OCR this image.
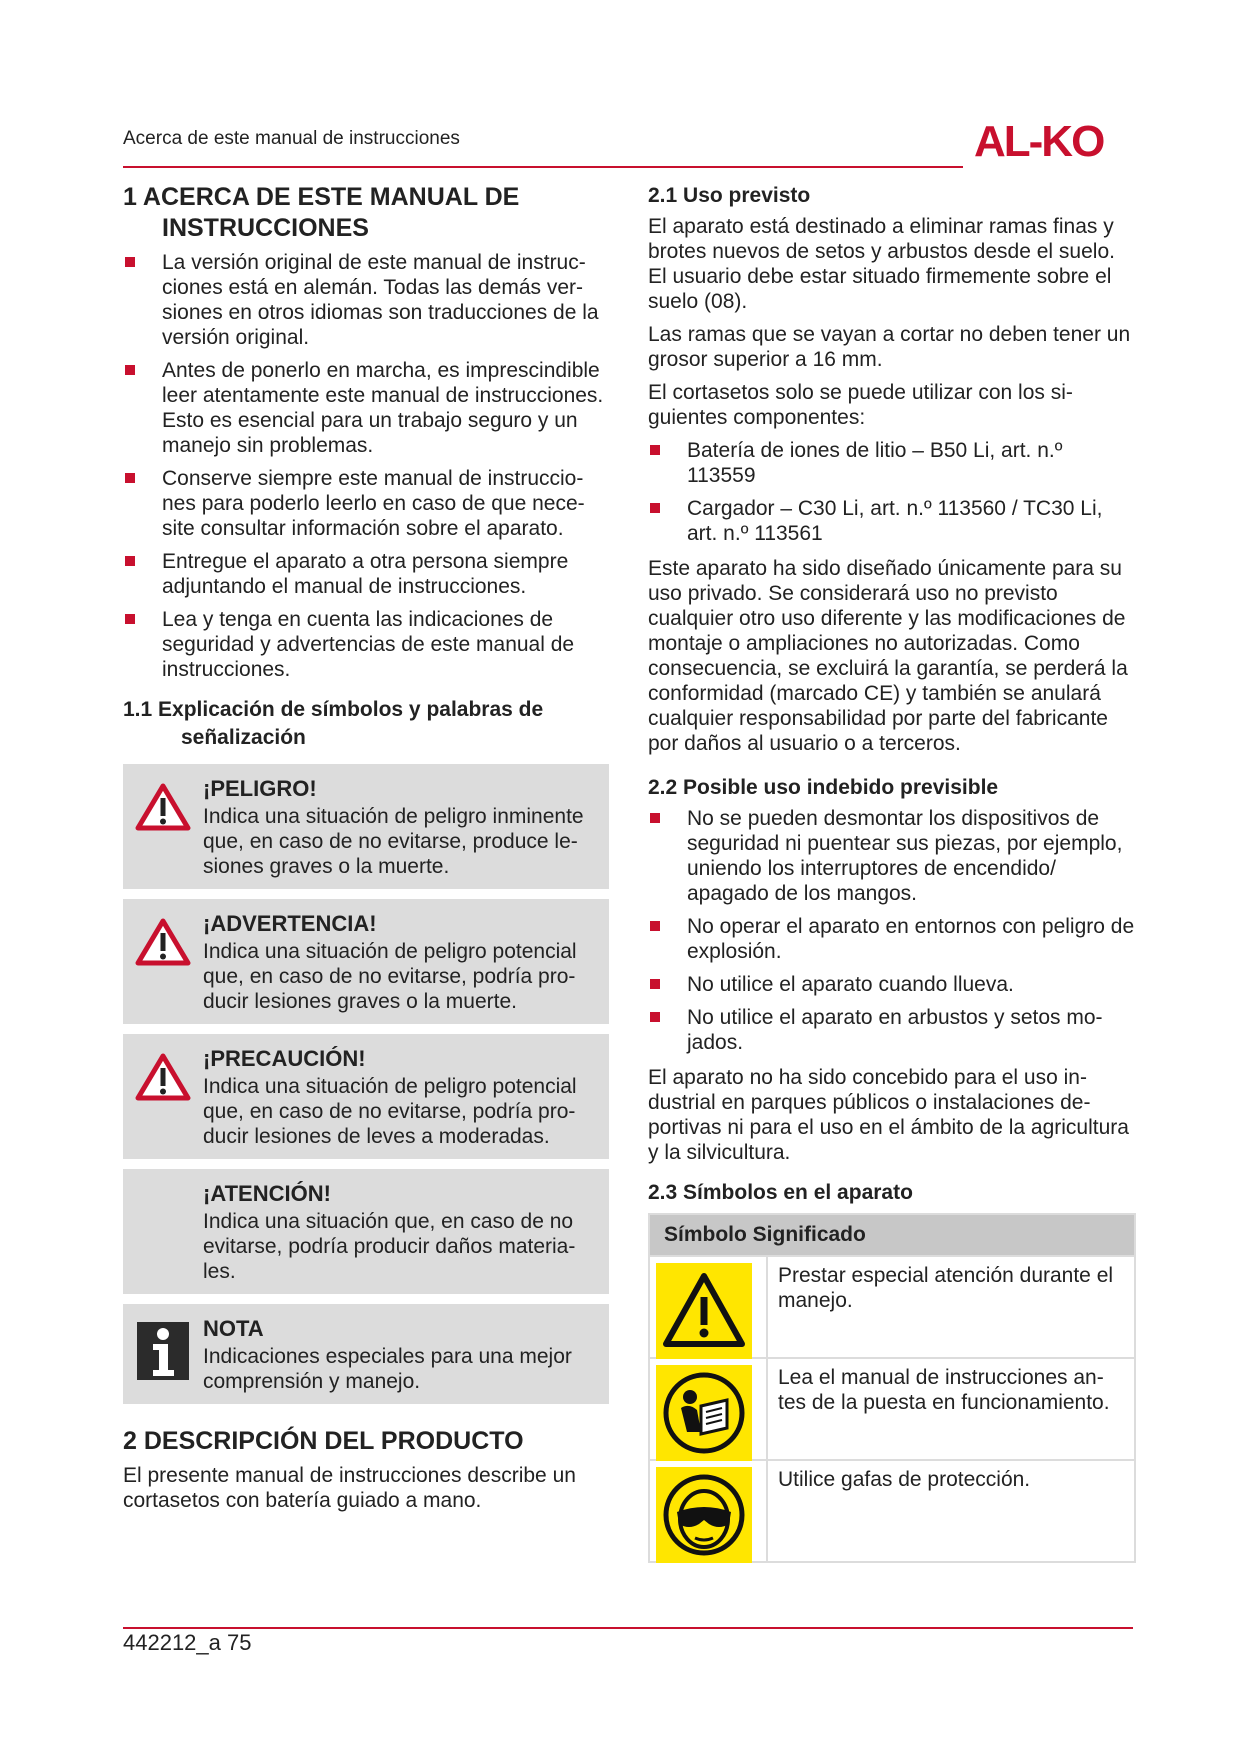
Acerca de este manual de instrucciones	AL-KO
1 ACERCA DE ESTE MANUAL DE INSTRUCCIONES
La versión original de este manual de instrucciones está en alemán. Todas las demás versiones en otros idiomas son traducciones de la versión original.
Antes de ponerlo en marcha, es imprescindible leer atentamente este manual de instrucciones. Esto es esencial para un trabajo seguro y un manejo sin problemas.
Conserve siempre este manual de instrucciones para poderlo leerlo en caso de que necesite consultar información sobre el aparato.
Entregue el aparato a otra persona siempre adjuntando el manual de instrucciones.
Lea y tenga en cuenta las indicaciones de seguridad y advertencias de este manual de instrucciones.
1.1 Explicación de símbolos y palabras de señalización
¡PELIGRO!
Indica una situación de peligro inminente que, en caso de no evitarse, produce lesiones graves o la muerte.
¡ADVERTENCIA!
Indica una situación de peligro potencial que, en caso de no evitarse, podría producir lesiones graves o la muerte.
¡PRECAUCIÓN!
Indica una situación de peligro potencial que, en caso de no evitarse, podría producir lesiones de leves a moderadas.
¡ATENCIÓN!
Indica una situación que, en caso de no evitarse, podría producir daños materiales.
NOTA
Indicaciones especiales para una mejor comprensión y manejo.
2 DESCRIPCIÓN DEL PRODUCTO
El presente manual de instrucciones describe un cortasetos con batería guiado a mano.
2.1 Uso previsto
El aparato está destinado a eliminar ramas finas y brotes nuevos de setos y arbustos desde el suelo. El usuario debe estar situado firmemente sobre el suelo (08).
Las ramas que se vayan a cortar no deben tener un grosor superior a 16 mm.
El cortasetos solo se puede utilizar con los siguientes componentes:
Batería de iones de litio – B50 Li, art. n.º 113559
Cargador – C30 Li, art. n.º 113560 / TC30 Li, art. n.º 113561
Este aparato ha sido diseñado únicamente para su uso privado. Se considerará uso no previsto cualquier otro uso diferente y las modificaciones de montaje o ampliaciones no autorizadas. Como consecuencia, se excluirá la garantía, se perderá la conformidad (marcado CE) y también se anulará cualquier responsabilidad por parte del fabricante por daños al usuario o a terceros.
2.2 Posible uso indebido previsible
No se pueden desmontar los dispositivos de seguridad ni puentear sus piezas, por ejemplo, uniendo los interruptores de encendido/ apagado de los mangos.
No operar el aparato en entornos con peligro de explosión.
No utilice el aparato cuando llueva.
No utilice el aparato en arbustos y setos mojados.
El aparato no ha sido concebido para el uso industrial en parques públicos o instalaciones deportivas ni para el uso en el ámbito de la agricultura y la silvicultura.
2.3 Símbolos en el aparato
Símbolo Significado
Prestar especial atención durante el manejo.
Lea el manual de instrucciones antes de la puesta en funcionamiento.
Utilice gafas de protección.
442212_a 75
